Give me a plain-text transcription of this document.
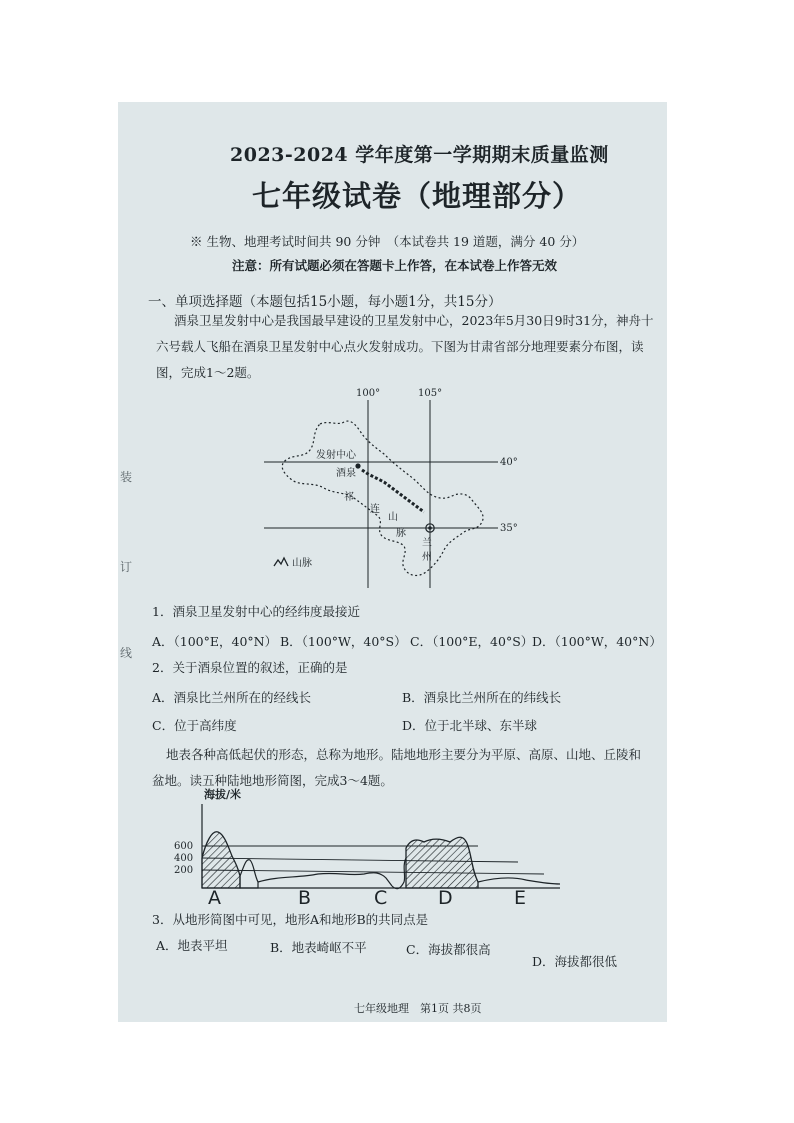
2023-2024 学年度第一学期期末质量监测
七年级试卷（地理部分）
※ 生物、地理考试时间共 90 分钟　（本试卷共 19 道题，满分 40 分）
注意：所有试题必须在答题卡上作答，在本试卷上作答无效
一、单项选择题（本题包括15小题，每小题1分，共15分）
酒泉卫星发射中心是我国最早建设的卫星发射中心，2023年5月30日9时31分，神舟十
六号载人飞船在酒泉卫星发射中心点火发射成功。下图为甘肃省部分地理要素分布图，读
图，完成1～2题。
100°	105°
40°
35°
发射中心
酒泉
祁
连
山
脉
兰
州
山脉
1．酒泉卫星发射中心的经纬度最接近
A．（100°E，40°N） B．（100°W，40°S） C．（100°E，40°S）
D．（100°W，40°N）
2．关于酒泉位置的叙述，正确的是
A．酒泉比兰州所在的经线长	B．酒泉比兰州所在的纬线长
C．位于高纬度	D．位于北半球、东半球
地表各种高低起伏的形态，总称为地形。陆地地形主要分为平原、高原、山地、丘陵和
盆地。读五种陆地地形简图，完成3～4题。
海拔/米
600
400
200
A	B	C	D	E
3．从地形简图中可见，地形A和地形B的共同点是
A．地表平坦	B．地表崎岖不平	C．海拔都很高
D．海拔都很低
装
订
线
七年级地理　第1页 共8页
